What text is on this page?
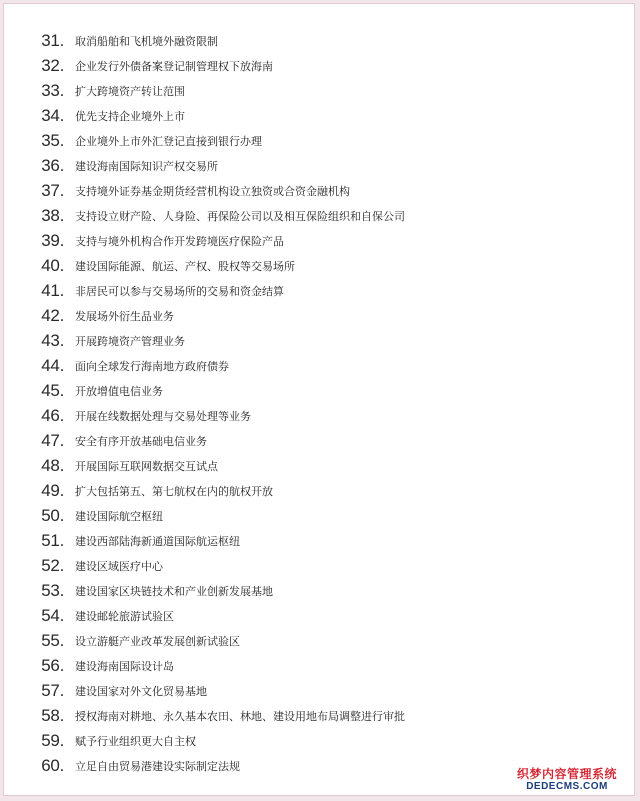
31. 取消船舶和飞机境外融资限制
32. 企业发行外债备案登记制管理权下放海南
33. 扩大跨境资产转让范围
34. 优先支持企业境外上市
35. 企业境外上市外汇登记直接到银行办理
36. 建设海南国际知识产权交易所
37. 支持境外证券基金期货经营机构设立独资或合资金融机构
38. 支持设立财产险、人身险、再保险公司以及相互保险组织和自保公司
39. 支持与境外机构合作开发跨境医疗保险产品
40. 建设国际能源、航运、产权、股权等交易场所
41. 非居民可以参与交易场所的交易和资金结算
42. 发展场外衍生品业务
43. 开展跨境资产管理业务
44. 面向全球发行海南地方政府债券
45. 开放增值电信业务
46. 开展在线数据处理与交易处理等业务
47. 安全有序开放基础电信业务
48. 开展国际互联网数据交互试点
49. 扩大包括第五、第七航权在内的航权开放
50. 建设国际航空枢纽
51. 建设西部陆海新通道国际航运枢纽
52. 建设区域医疗中心
53. 建设国家区块链技术和产业创新发展基地
54. 建设邮轮旅游试验区
55. 设立游艇产业改革发展创新试验区
56. 建设海南国际设计岛
57. 建设国家对外文化贸易基地
58. 授权海南对耕地、永久基本农田、林地、建设用地布局调整进行审批
59. 赋予行业组织更大自主权
60. 立足自由贸易港建设实际制定法规
织梦内容管理系统
DEDECMS.COM
